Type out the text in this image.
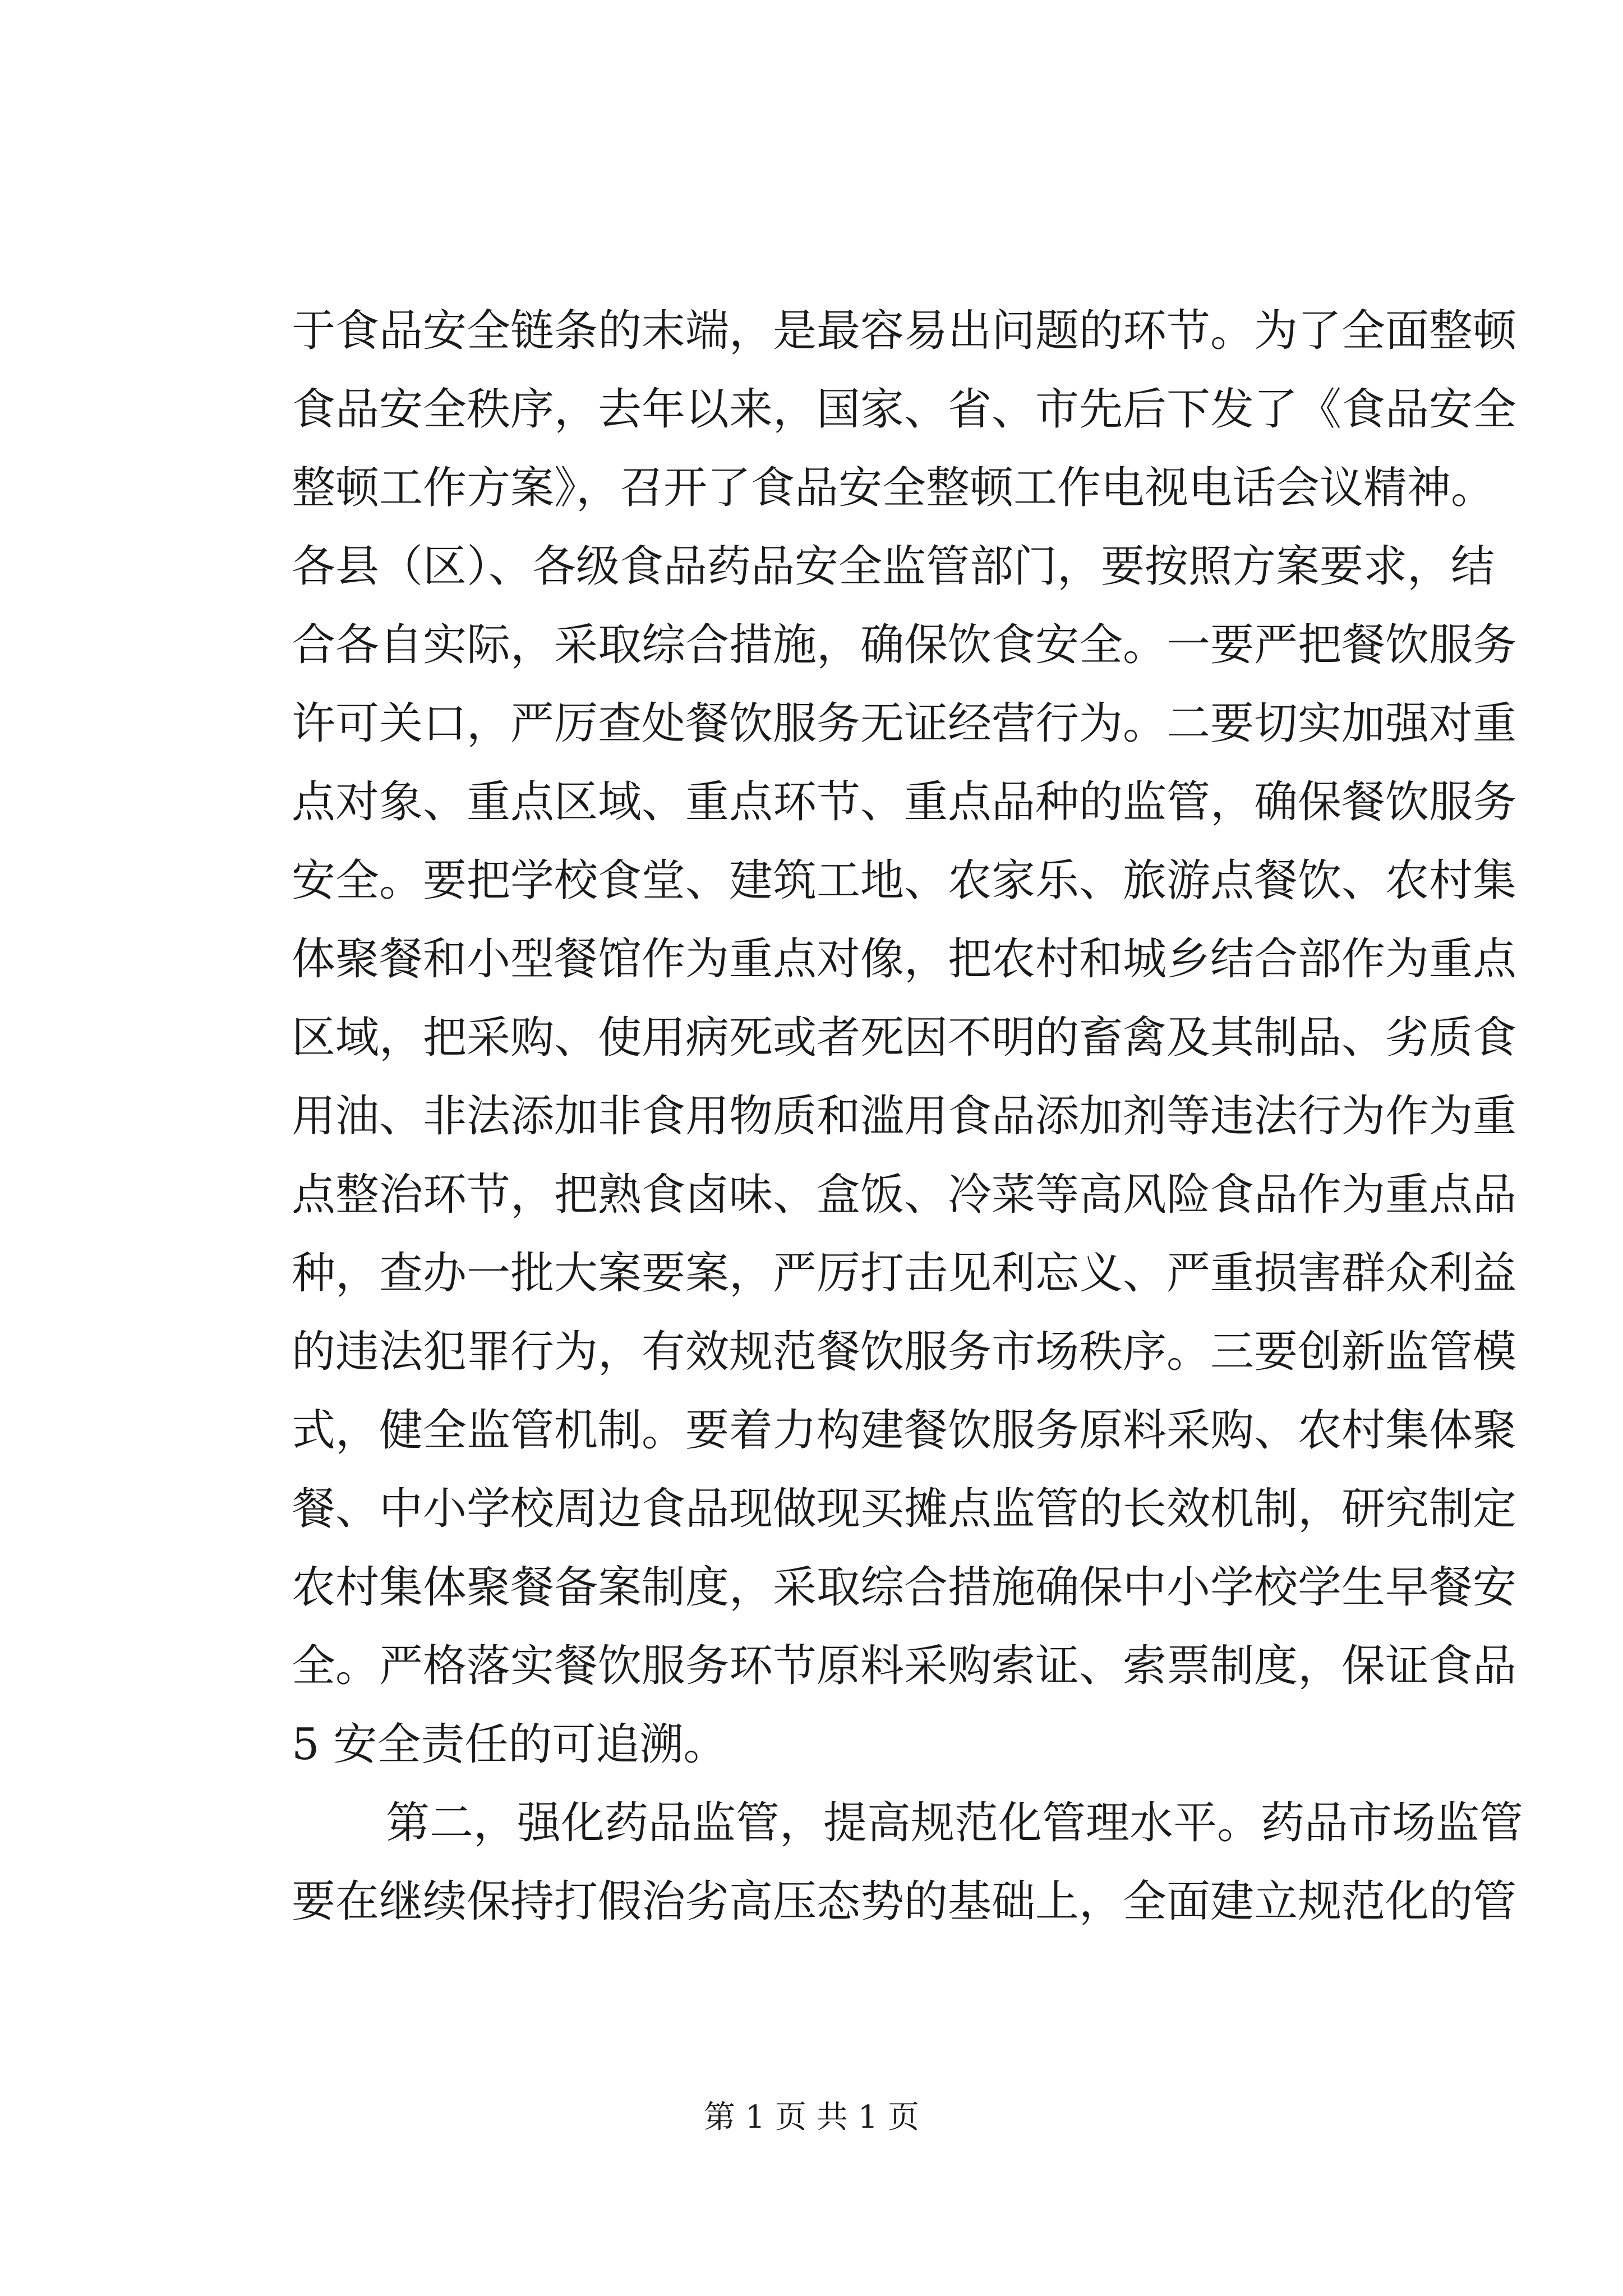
于食品安全链条的末端，是最容易出问题的环节。为了全面整顿
食品安全秩序，去年以来，国家、省、市先后下发了《食品安全
整顿工作方案》，召开了食品安全整顿工作电视电话会议精神。
各县（区）、各级食品药品安全监管部门，要按照方案要求，结
合各自实际，采取综合措施，确保饮食安全。一要严把餐饮服务
许可关口，严厉查处餐饮服务无证经营行为。二要切实加强对重
点对象、重点区域、重点环节、重点品种的监管，确保餐饮服务
安全。要把学校食堂、建筑工地、农家乐、旅游点餐饮、农村集
体聚餐和小型餐馆作为重点对像，把农村和城乡结合部作为重点
区域，把采购、使用病死或者死因不明的畜禽及其制品、劣质食
用油、非法添加非食用物质和滥用食品添加剂等违法行为作为重
点整治环节，把熟食卤味、盒饭、冷菜等高风险食品作为重点品
种，查办一批大案要案，严厉打击见利忘义、严重损害群众利益
的违法犯罪行为，有效规范餐饮服务市场秩序。三要创新监管模
式，健全监管机制。要着力构建餐饮服务原料采购、农村集体聚
餐、中小学校周边食品现做现买摊点监管的长效机制，研究制定
农村集体聚餐备案制度，采取综合措施确保中小学校学生早餐安
全。严格落实餐饮服务环节原料采购索证、索票制度，保证食品
5 安全责任的可追溯。
第二，强化药品监管，提高规范化管理水平。药品市场监管
要在继续保持打假治劣高压态势的基础上，全面建立规范化的管
第 1 页 共 1 页
